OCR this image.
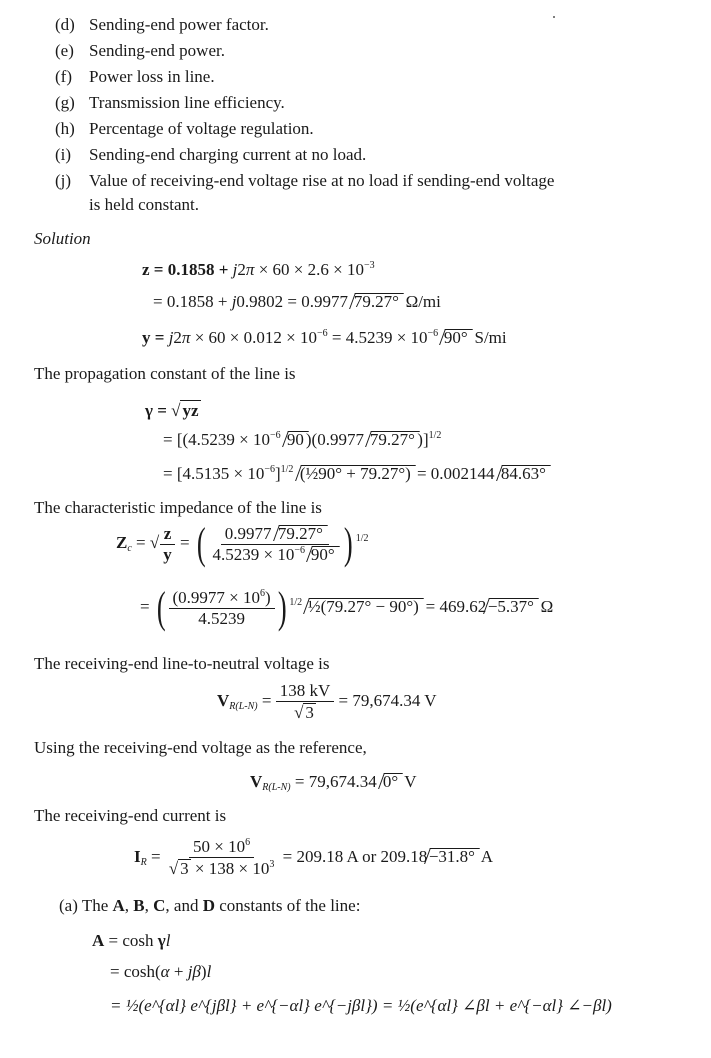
(d) Sending-end power factor.
(e) Sending-end power.
(f) Power loss in line.
(g) Transmission line efficiency.
(h) Percentage of voltage regulation.
(i) Sending-end charging current at no load.
(j) Value of receiving-end voltage rise at no load if sending-end voltage
is held constant.
Solution
$z = 0.1858 + j2\pi \times 60 \times 2.6 \times 10^{-3}$
= 0.1858 + j0.9802 = 0.9977 79.27° Ω/mi
$y = j2\pi \times 60 \times 0.012 \times 10^{-6} = 4.5239 \times 10^{-6}$ 90° S/mi
The propagation constant of the line is
γ = √ yz
= [($4.5239 \times 10^{-6}$ 90 )(0.9977 79.27° )]$^{1/2}$
= $[4.5135 \times 10^{-6}]^{1/2}$ (½90° + 79.27°) = 0.002144 84.63°
The characteristic impedance of the line is
$Z_c$ = √ $\frac{z}{y}$ = ( $\frac{0.9977 79.27^\circ}{4.5239 \times 10^{-6} 90^\circ}$ ) $^{1/2}$
= ( $\frac{(0.9977 \times 10^6)}{4.5239}$ ) $^{1/2}$ ½(79.27° − 90°) = 469.62 −5.37° Ω
The receiving-end line-to-neutral voltage is
$V_{R(L-N)} = \frac{138 kV}{√ 3} = 79,674.34$ V
Using the receiving-end voltage as the reference,
$V_{R(L-N)} = 79,674.34$ 0° V
The receiving-end current is
$I_R = \frac{50 \times 10^6}{√ 3 \times 138 \times 10^3} = 209.18$ A or 209.18 −31.8° A
(a) The A, B, C, and D constants of the line:
A = cosh γl
= cosh(α + jβ)l
= ½(e^{αl} e^{jβl} + e^{−αl} e^{−jβl}) = ½(e^{αl} ∠βl + e^{−αl} ∠−βl)
